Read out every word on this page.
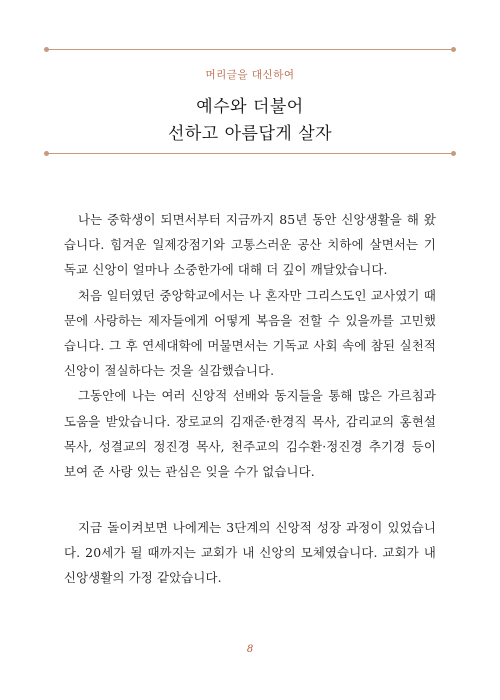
머리글을 대신하여
예수와 더불어
선하고 아름답게 살자

나는 중학생이 되면서부터 지금까지 85년 동안 신앙생활을 해 왔습니다. 힘겨운 일제강점기와 고통스러운 공산 치하에 살면서는 기독교 신앙이 얼마나 소중한가에 대해 더 깊이 깨달았습니다.

처음 일터였던 중앙학교에서는 나 혼자만 그리스도인 교사였기 때문에 사랑하는 제자들에게 어떻게 복음을 전할 수 있을까를 고민했습니다. 그 후 연세대학에 머물면서는 기독교 사회 속에 참된 실천적 신앙이 절실하다는 것을 실감했습니다.

그동안에 나는 여러 신앙적 선배와 동지들을 통해 많은 가르침과 도움을 받았습니다. 장로교의 김재준·한경직 목사, 감리교의 홍현설 목사, 성결교의 정진경 목사, 천주교의 김수환·정진경 추기경 등이 보여 준 사랑 있는 관심은 잊을 수가 없습니다.

지금 돌이켜보면 나에게는 3단계의 신앙적 성장 과정이 있었습니다. 20세가 될 때까지는 교회가 내 신앙의 모체였습니다. 교회가 내 신앙생활의 가정 같았습니다.

8
